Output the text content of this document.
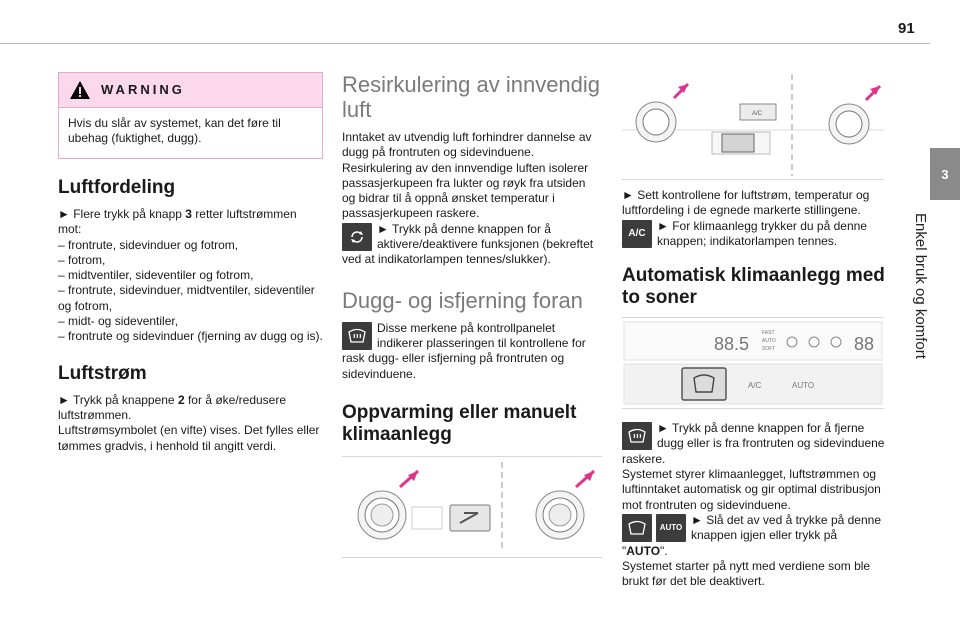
91
3
Enkel bruk og komfort
WARNING
Hvis du slår av systemet, kan det føre til ubehag (fuktighet, dugg).
Luftfordeling

► Flere trykk på knapp 3 retter luftstrømmen mot:

– frontrute, sidevinduer og fotrom,

– fotrom,

– midtventiler, sideventiler og fotrom,

– frontrute, sidevinduer, midtventiler, sideventiler og fotrom,

– midt- og sideventiler,

– frontrute og sidevinduer (fjerning av dugg og is).

Luftstrøm

► Trykk på knappene 2 for å øke/redusere luftstrømmen.

Luftstrømsymbolet (en vifte) vises. Det fylles eller tømmes gradvis, i henhold til angitt verdi.

Resirkulering av innvendig luft

Inntaket av utvendig luft forhindrer dannelse av dugg på frontruten og sidevinduene.

Resirkulering av den innvendige luften isolerer passasjerkupeen fra lukter og røyk fra utsiden og bidrar til å oppnå ønsket temperatur i passasjerkupeen raskere.

► Trykk på denne knappen for å aktivere/deaktivere funksjonen (bekreftet ved at indikatorlampen tennes/slukker).

Dugg- og isfjerning foran

Disse merkene på kontrollpanelet indikerer plasseringen til kontrollene for rask dugg- eller isfjerning på frontruten og sidevinduene.

Oppvarming eller manuelt klimaanlegg
A/C

► Sett kontrollene for luftstrøm, temperatur og luftfordeling i de egnede markerte stillingene.

A/C

► For klimaanlegg trykker du på denne knappen; indikatorlampen tennes.

Automatisk klimaanlegg med to soner
88.5
FAST
AUTO
SOFT	88
A/C	AUTO

► Trykk på denne knappen for å fjerne dugg eller is fra frontruten og sidevinduene raskere.

Systemet styrer klimaanlegget, luftstrømmen og luftinntaket automatisk og gir optimal distribusjon mot frontruten og sidevinduene.

AUTO

► Slå det av ved å trykke på denne knappen igjen eller trykk på "AUTO".

Systemet starter på nytt med verdiene som ble brukt før det ble deaktivert.
